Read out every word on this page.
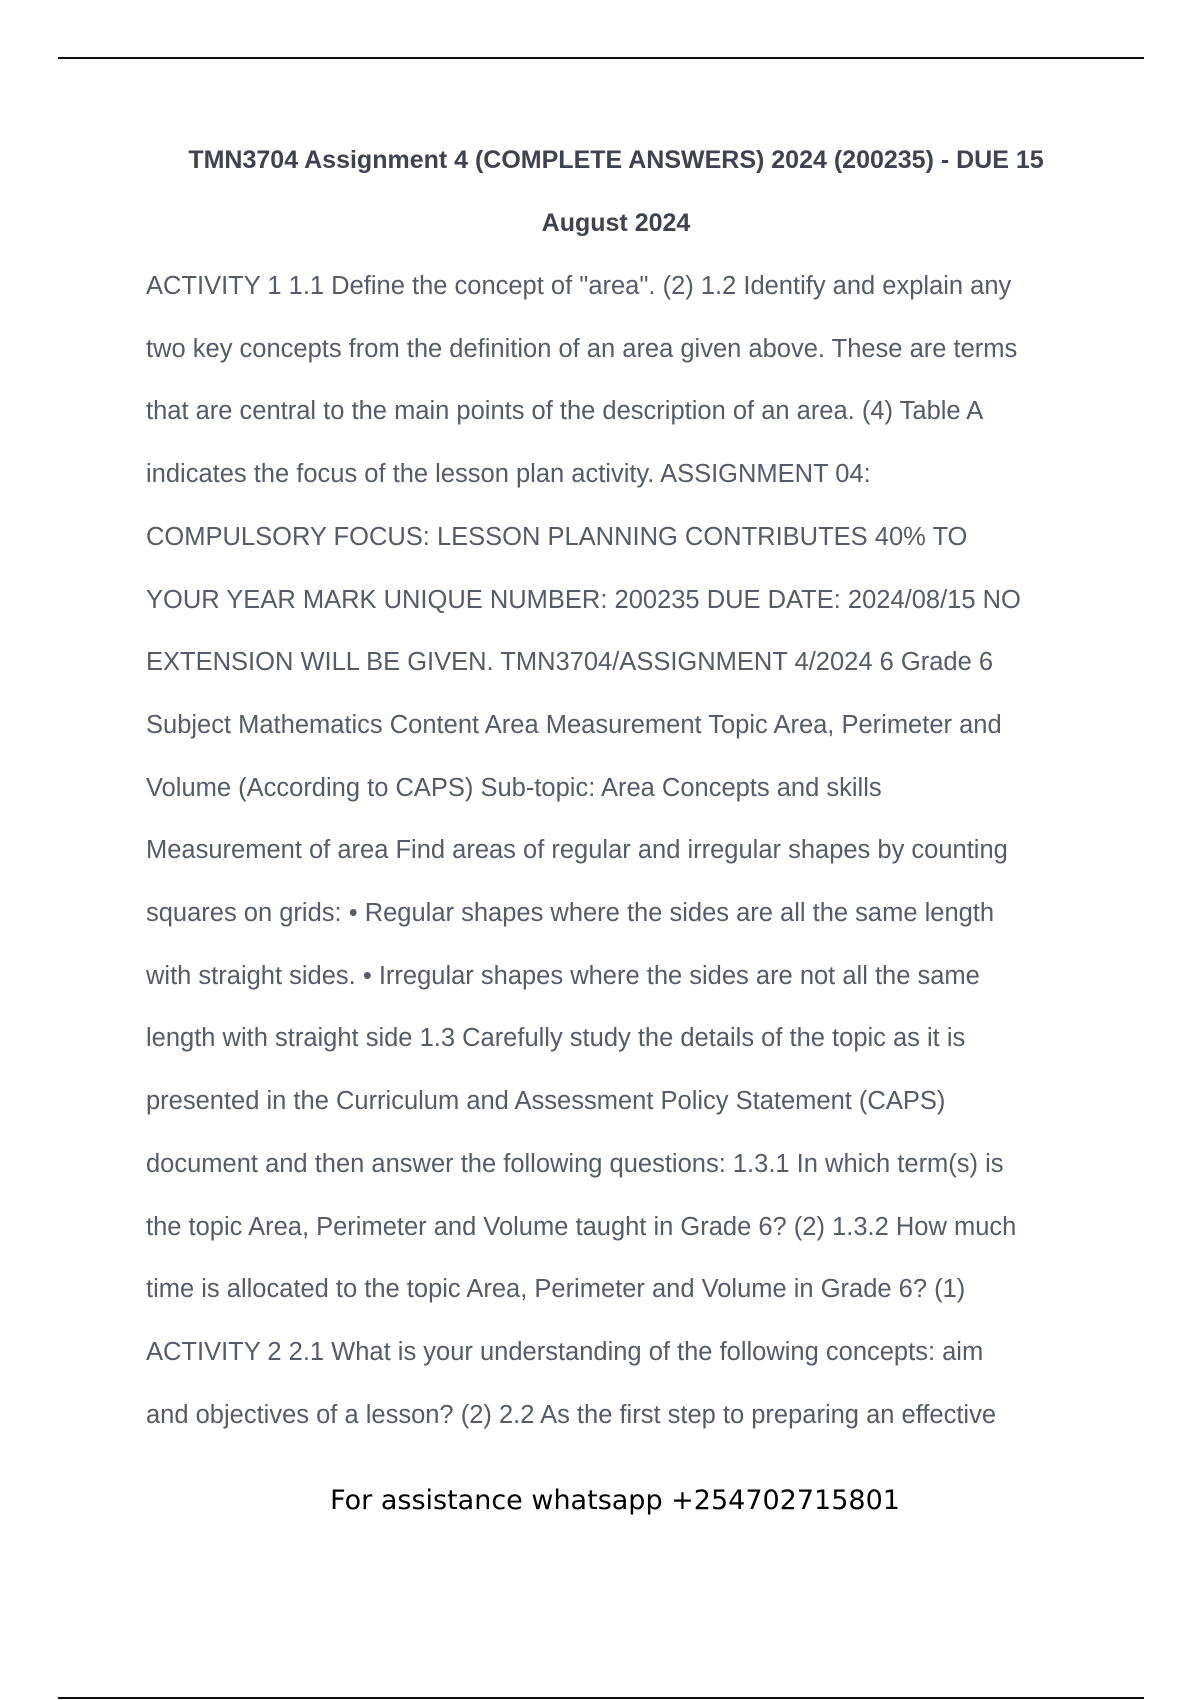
TMN3704 Assignment 4 (COMPLETE ANSWERS) 2024 (200235) - DUE 15

August 2024

ACTIVITY 1 1.1 Define the concept of "area". (2) 1.2 Identify and explain any

two key concepts from the definition of an area given above. These are terms

that are central to the main points of the description of an area. (4) Table A

indicates the focus of the lesson plan activity. ASSIGNMENT 04:

COMPULSORY FOCUS: LESSON PLANNING CONTRIBUTES 40% TO

YOUR YEAR MARK UNIQUE NUMBER: 200235 DUE DATE: 2024/08/15 NO

EXTENSION WILL BE GIVEN. TMN3704/ASSIGNMENT 4/2024 6 Grade 6

Subject Mathematics Content Area Measurement Topic Area, Perimeter and

Volume (According to CAPS) Sub-topic: Area Concepts and skills

Measurement of area Find areas of regular and irregular shapes by counting

squares on grids: • Regular shapes where the sides are all the same length

with straight sides. • Irregular shapes where the sides are not all the same

length with straight side 1.3 Carefully study the details of the topic as it is

presented in the Curriculum and Assessment Policy Statement (CAPS)

document and then answer the following questions: 1.3.1 In which term(s) is

the topic Area, Perimeter and Volume taught in Grade 6? (2) 1.3.2 How much

time is allocated to the topic Area, Perimeter and Volume in Grade 6? (1)

ACTIVITY 2 2.1 What is your understanding of the following concepts: aim

and objectives of a lesson? (2) 2.2 As the first step to preparing an effective

For assistance whatsapp +254702715801
